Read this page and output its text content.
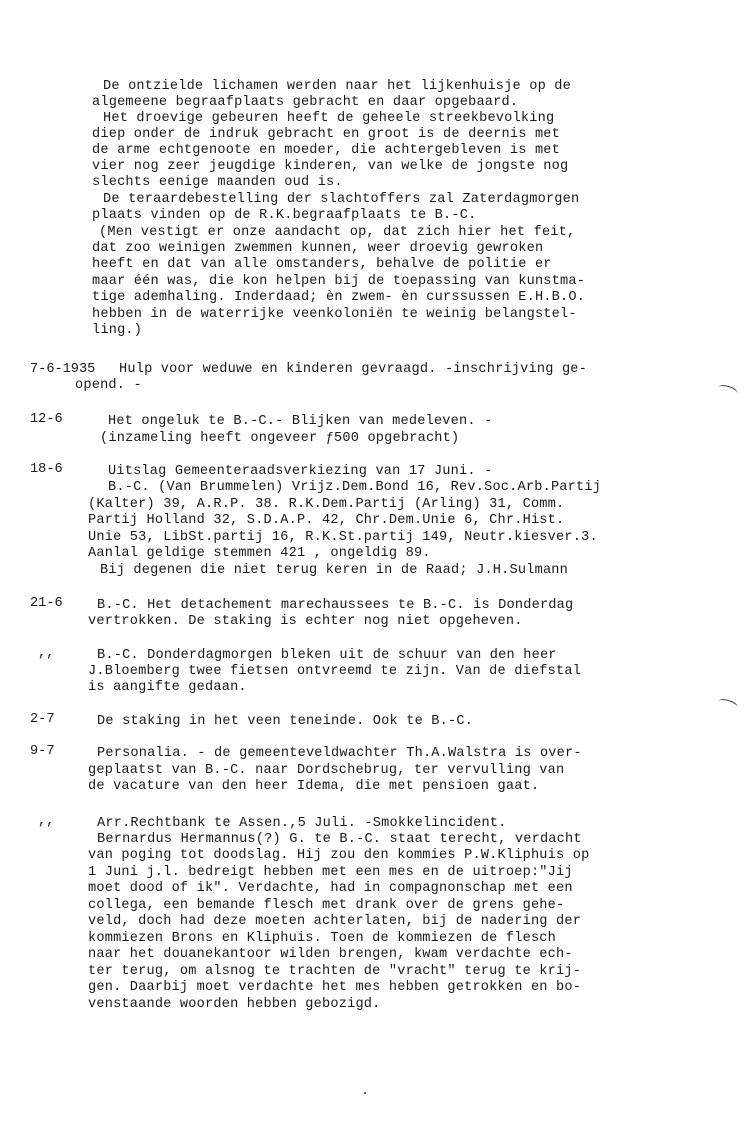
De ontzielde lichamen werden naar het lijkenhuisje op de
algemeene begraafplaats gebracht en daar opgebaard.
Het droevige gebeuren heeft de geheele streekbevolking
diep onder de indruk gebracht en groot is de deernis met
de arme echtgenoote en moeder, die achtergebleven is met
vier nog zeer jeugdige kinderen, van welke de jongste nog
slechts eenige maanden oud is.
De teraardebestelling der slachtoffers zal Zaterdagmorgen
plaats vinden op de R.K.begraafplaats te B.-C.
(Men vestigt er onze aandacht op, dat zich hier het feit,
dat zoo weinigen zwemmen kunnen, weer droevig gewroken
heeft en dat van alle omstanders, behalve de politie er
maar één was, die kon helpen bij de toepassing van kunstma-
tige ademhaling. Inderdaad; èn zwem- èn curssussen E.H.B.O.
hebben in de waterrijke veenkoloniën te weinig belangstel-
ling.)
7-6-1935 Hulp voor weduwe en kinderen gevraagd. -inschrijving ge-
opend. -
12-6	Het ongeluk te B.-C.- Blijken van medeleven. -
(inzameling heeft ongeveer ƒ500 opgebracht)
18-6	Uitslag Gemeenteraadsverkiezing van 17 Juni. -
B.-C. (Van Brummelen) Vrijz.Dem.Bond 16, Rev.Soc.Arb.Partij
(Kalter) 39, A.R.P. 38. R.K.Dem.Partij (Arling) 31, Comm.
Partij Holland 32, S.D.A.P. 42, Chr.Dem.Unie 6, Chr.Hist.
Unie 53, LibSt.partij 16, R.K.St.partij 149, Neutr.kiesver.3.
Aanlal geldige stemmen 421 , ongeldig 89.
Bij degenen die niet terug keren in de Raad; J.H.Sulmann
21-6	B.-C. Het detachement marechaussees te B.-C. is Donderdag
vertrokken. De staking is echter nog niet opgeheven.
,,	B.-C. Donderdagmorgen bleken uit de schuur van den heer
J.Bloemberg twee fietsen ontvreemd te zijn. Van de diefstal
is aangifte gedaan.
2-7	De staking in het veen teneinde. Ook te B.-C.
9-7	Personalia. - de gemeenteveldwachter Th.A.Walstra is over-
geplaatst van B.-C. naar Dordschebrug, ter vervulling van
de vacature van den heer Idema, die met pensioen gaat.
,,	Arr.Rechtbank te Assen.,5 Juli. -Smokkelincident.
Bernardus Hermannus(?) G. te B.-C. staat terecht, verdacht
van poging tot doodslag. Hij zou den kommies P.W.Kliphuis op
1 Juni j.l. bedreigt hebben met een mes en de uitroep:"Jij
moet dood of ik". Verdachte, had in compagnonschap met een
collega, een bemande flesch met drank over de grens gehe-
veld, doch had deze moeten achterlaten, bij de nadering der
kommiezen Brons en Kliphuis. Toen de kommiezen de flesch
naar het douanekantoor wilden brengen, kwam verdachte ech-
ter terug, om alsnog te trachten de "vracht" terug te krij-
gen. Daarbij moet verdachte het mes hebben getrokken en bo-
venstaande woorden hebben gebozigd.
